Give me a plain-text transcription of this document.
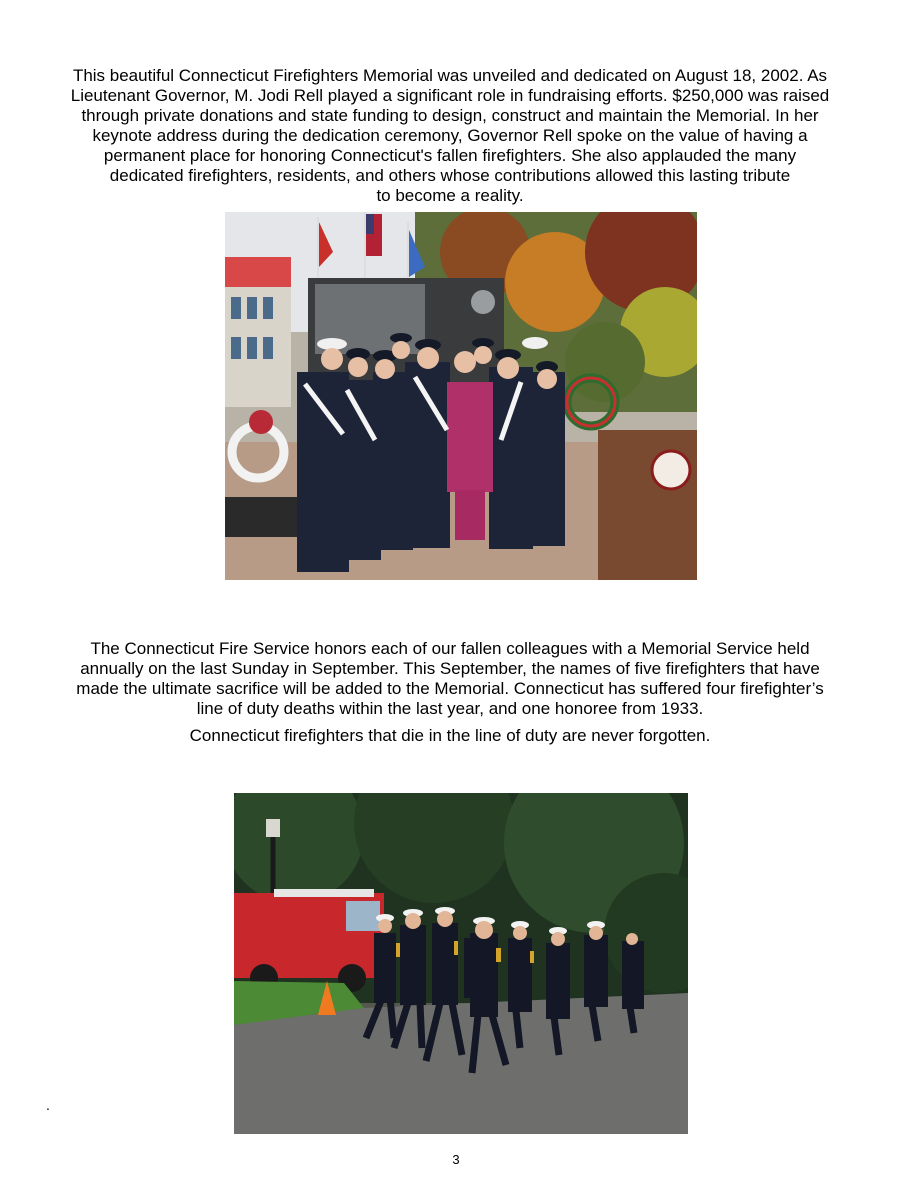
This beautiful Connecticut Firefighters Memorial was unveiled and dedicated on August 18, 2002. As
Lieutenant Governor, M. Jodi Rell played a significant role in fundraising efforts. $250,000 was raised
through private donations and state funding to design, construct and maintain the Memorial. In her
keynote address during the dedication ceremony, Governor Rell spoke on the value of having a
permanent place for honoring Connecticut's fallen firefighters. She also applauded the many
dedicated firefighters, residents, and others whose contributions allowed this lasting tribute
to become a reality.
The Connecticut Fire Service honors each of our fallen colleagues with a Memorial Service held
annually on the last Sunday in September. This September, the names of five firefighters that have
made the ultimate sacrifice will be added to the Memorial. Connecticut has suffered four firefighter’s
line of duty deaths within the last year, and one honoree from 1933.
Connecticut firefighters that die in the line of duty are never forgotten.
.
3
